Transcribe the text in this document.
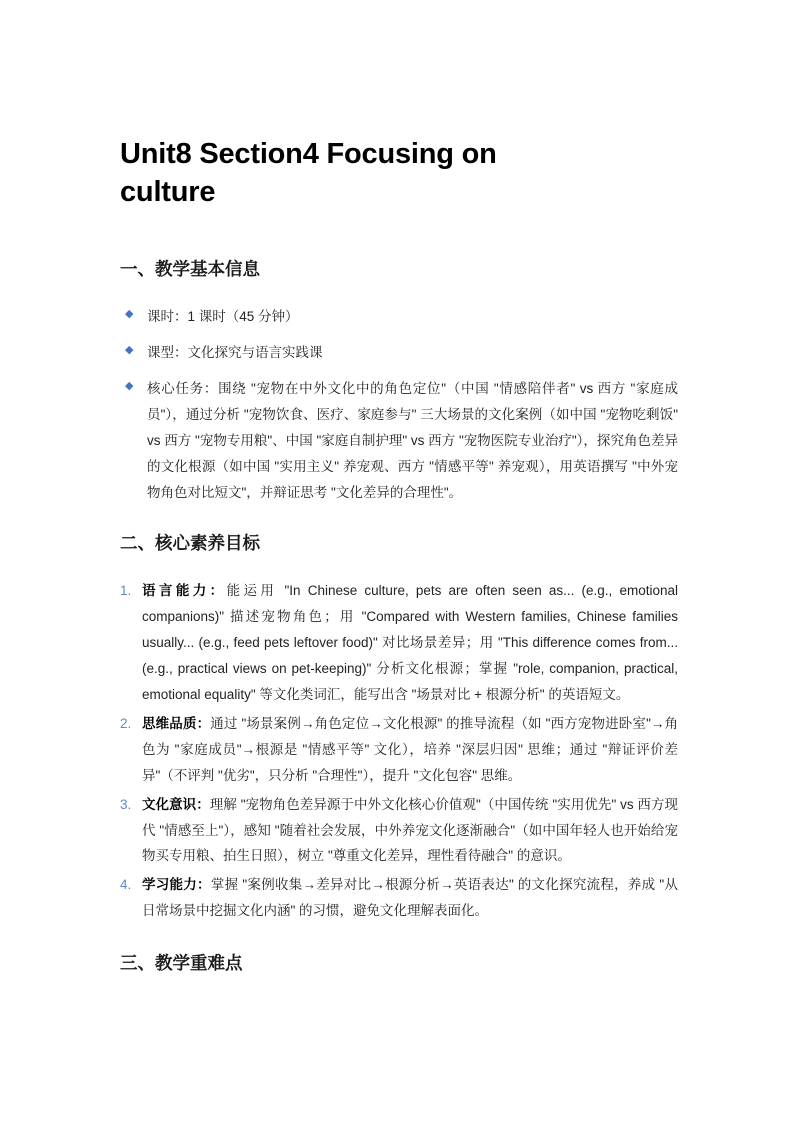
Unit8 Section4 Focusing on culture
一、教学基本信息
◆ 课时：1 课时（45 分钟）
◆ 课型：文化探究与语言实践课
◆ 核心任务：围绕 "宠物在中外文化中的角色定位"（中国 "情感陪伴者" vs 西方 "家庭成员"），通过分析 "宠物饮食、医疗、家庭参与" 三大场景的文化案例（如中国 "宠物吃剩饭" vs 西方 "宠物专用粮"、中国 "家庭自制护理" vs 西方 "宠物医院专业治疗"），探究角色差异的文化根源（如中国 "实用主义" 养宠观、西方 "情感平等" 养宠观），用英语撰写 "中外宠物角色对比短文"，并辩证思考 "文化差异的合理性"。
二、核心素养目标
1. 语言能力：能运用 "In Chinese culture, pets are often seen as... (e.g., emotional companions)" 描述宠物角色；用 "Compared with Western families, Chinese families usually... (e.g., feed pets leftover food)" 对比场景差异；用 "This difference comes from... (e.g., practical views on pet-keeping)" 分析文化根源；掌握 "role, companion, practical, emotional equality" 等文化类词汇，能写出含 "场景对比 + 根源分析" 的英语短文。
2. 思维品质：通过 "场景案例→角色定位→文化根源" 的推导流程（如 "西方宠物进卧室"→角色为 "家庭成员"→根源是 "情感平等" 文化），培养 "深层归因" 思维；通过 "辩证评价差异"（不评判 "优劣"，只分析 "合理性"），提升 "文化包容" 思维。
3. 文化意识：理解 "宠物角色差异源于中外文化核心价值观"（中国传统 "实用优先" vs 西方现代 "情感至上"），感知 "随着社会发展，中外养宠文化逐渐融合"（如中国年轻人也开始给宠物买专用粮、拍生日照），树立 "尊重文化差异，理性看待融合" 的意识。
4. 学习能力：掌握 "案例收集→差异对比→根源分析→英语表达" 的文化探究流程，养成 "从日常场景中挖掘文化内涵" 的习惯，避免文化理解表面化。
三、教学重难点
